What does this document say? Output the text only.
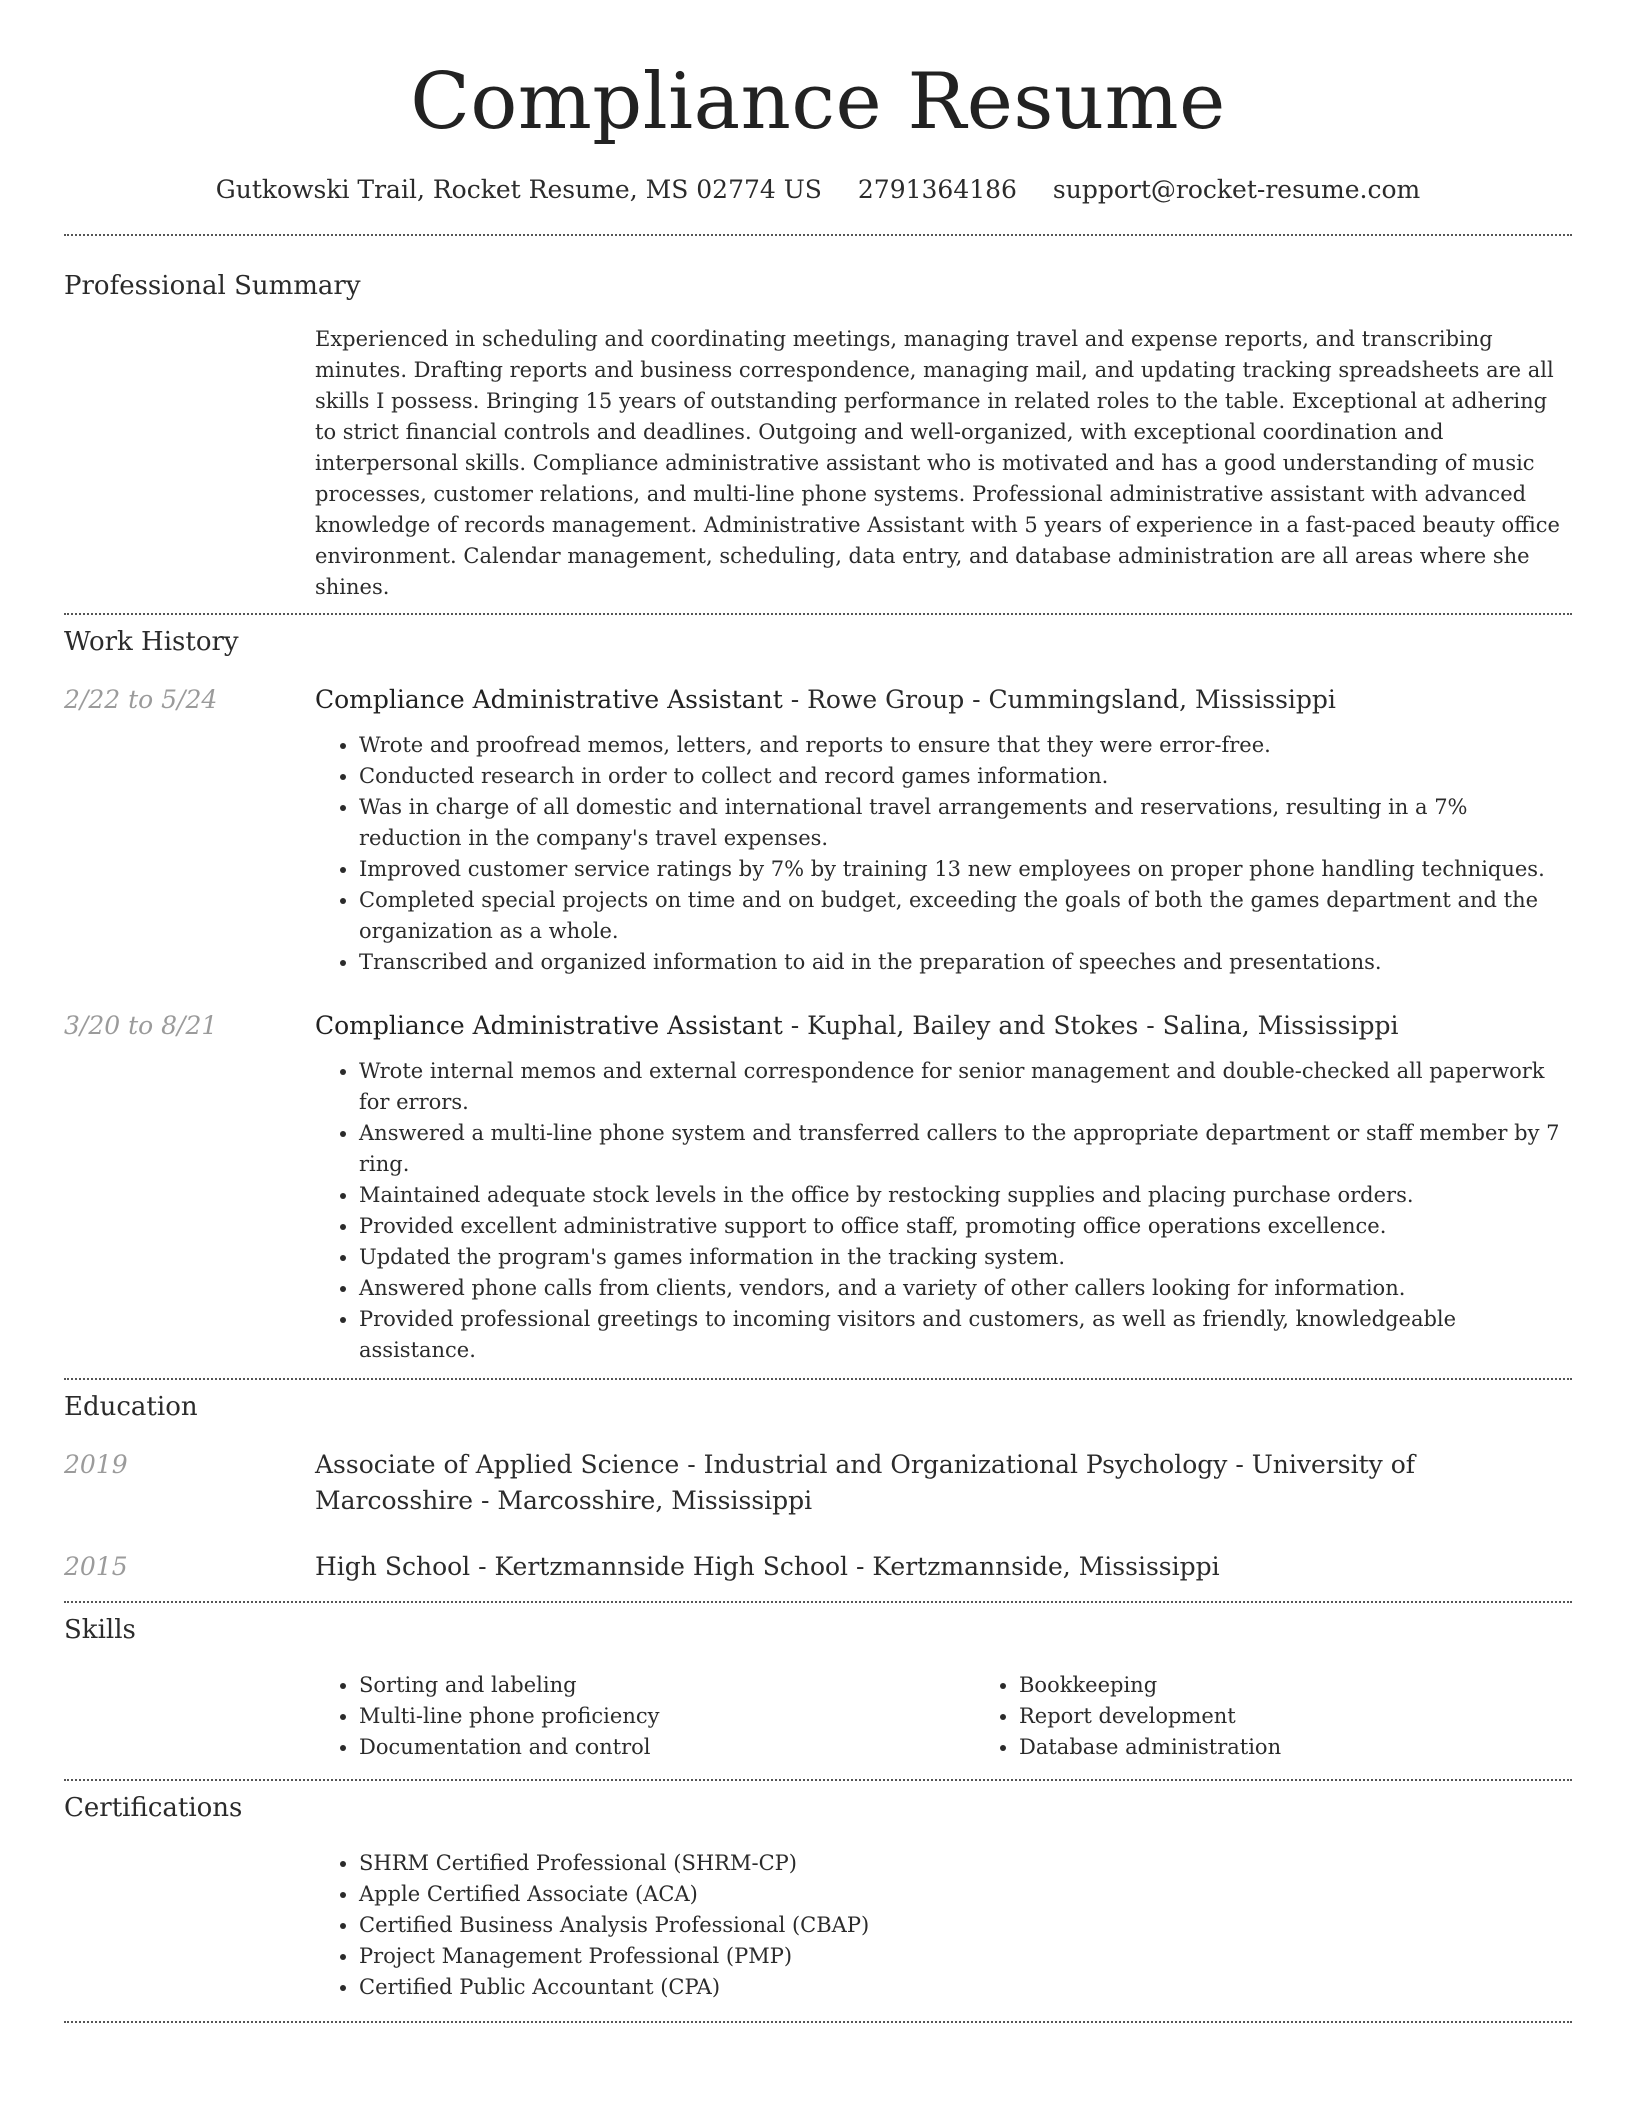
Compliance Resume
Gutkowski Trail, Rocket Resume, MS 02774 US 2791364186 support@rocket-resume.com
Professional Summary

Experienced in scheduling and coordinating meetings, managing travel and expense reports, and transcribing minutes. Drafting reports and business correspondence, managing mail, and updating tracking spreadsheets are all skills I possess. Bringing 15 years of outstanding performance in related roles to the table. Exceptional at adhering to strict financial controls and deadlines. Outgoing and well-organized, with exceptional coordination and interpersonal skills. Compliance administrative assistant who is motivated and has a good understanding of music processes, customer relations, and multi-line phone systems. Professional administrative assistant with advanced knowledge of records management. Administrative Assistant with 5 years of experience in a fast-paced beauty office environment. Calendar management, scheduling, data entry, and database administration are all areas where she shines.

Work History
2/22 to 5/24	Compliance Administrative Assistant - Rowe Group - Cummingsland, Mississippi
• Wrote and proofread memos, letters, and reports to ensure that they were error-free.
• Conducted research in order to collect and record games information.
• Was in charge of all domestic and international travel arrangements and reservations, resulting in a 7% reduction in the company's travel expenses.
• Improved customer service ratings by 7% by training 13 new employees on proper phone handling techniques.
• Completed special projects on time and on budget, exceeding the goals of both the games department and the organization as a whole.
• Transcribed and organized information to aid in the preparation of speeches and presentations.
3/20 to 8/21	Compliance Administrative Assistant - Kuphal, Bailey and Stokes - Salina, Mississippi
• Wrote internal memos and external correspondence for senior management and double-checked all paperwork for errors.
• Answered a multi-line phone system and transferred callers to the appropriate department or staff member by 7 ring.
• Maintained adequate stock levels in the office by restocking supplies and placing purchase orders.
• Provided excellent administrative support to office staff, promoting office operations excellence.
• Updated the program's games information in the tracking system.
• Answered phone calls from clients, vendors, and a variety of other callers looking for information.
• Provided professional greetings to incoming visitors and customers, as well as friendly, knowledgeable assistance.
Education
2019	Associate of Applied Science - Industrial and Organizational Psychology - University of Marcosshire - Marcosshire, Mississippi
2015	High School - Kertzmannside High School - Kertzmannside, Mississippi
Skills
• Sorting and labeling
• Multi-line phone proficiency
• Documentation and control
• Bookkeeping
• Report development
• Database administration
Certifications
• SHRM Certified Professional (SHRM-CP)
• Apple Certified Associate (ACA)
• Certified Business Analysis Professional (CBAP)
• Project Management Professional (PMP)
• Certified Public Accountant (CPA)
